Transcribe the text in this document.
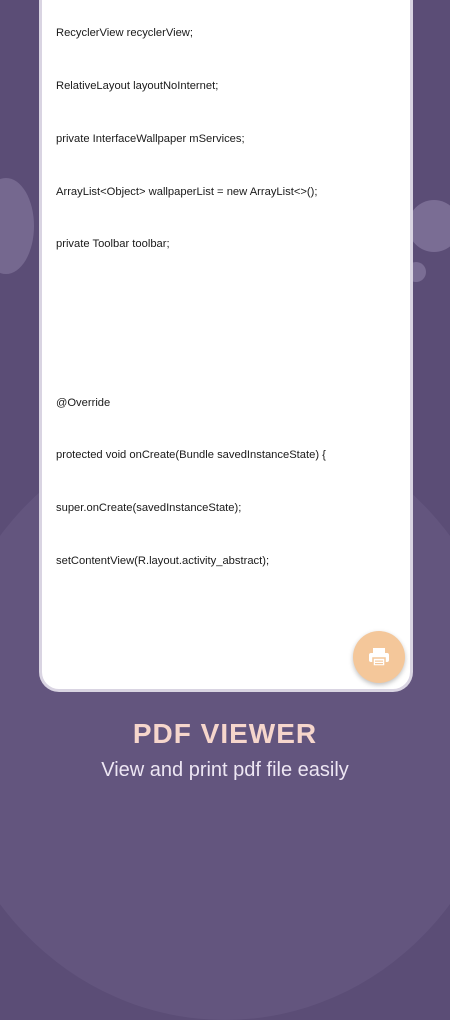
RecyclerView recyclerView;

RelativeLayout layoutNoInternet;

private InterfaceWallpaper mServices;

ArrayList<Object> wallpaperList = new ArrayList<>();

private Toolbar toolbar;

@Override

protected void onCreate(Bundle savedInstanceState) {

super.onCreate(savedInstanceState);

setContentView(R.layout.activity_abstract);

PDF VIEWER
View and print pdf file easily
